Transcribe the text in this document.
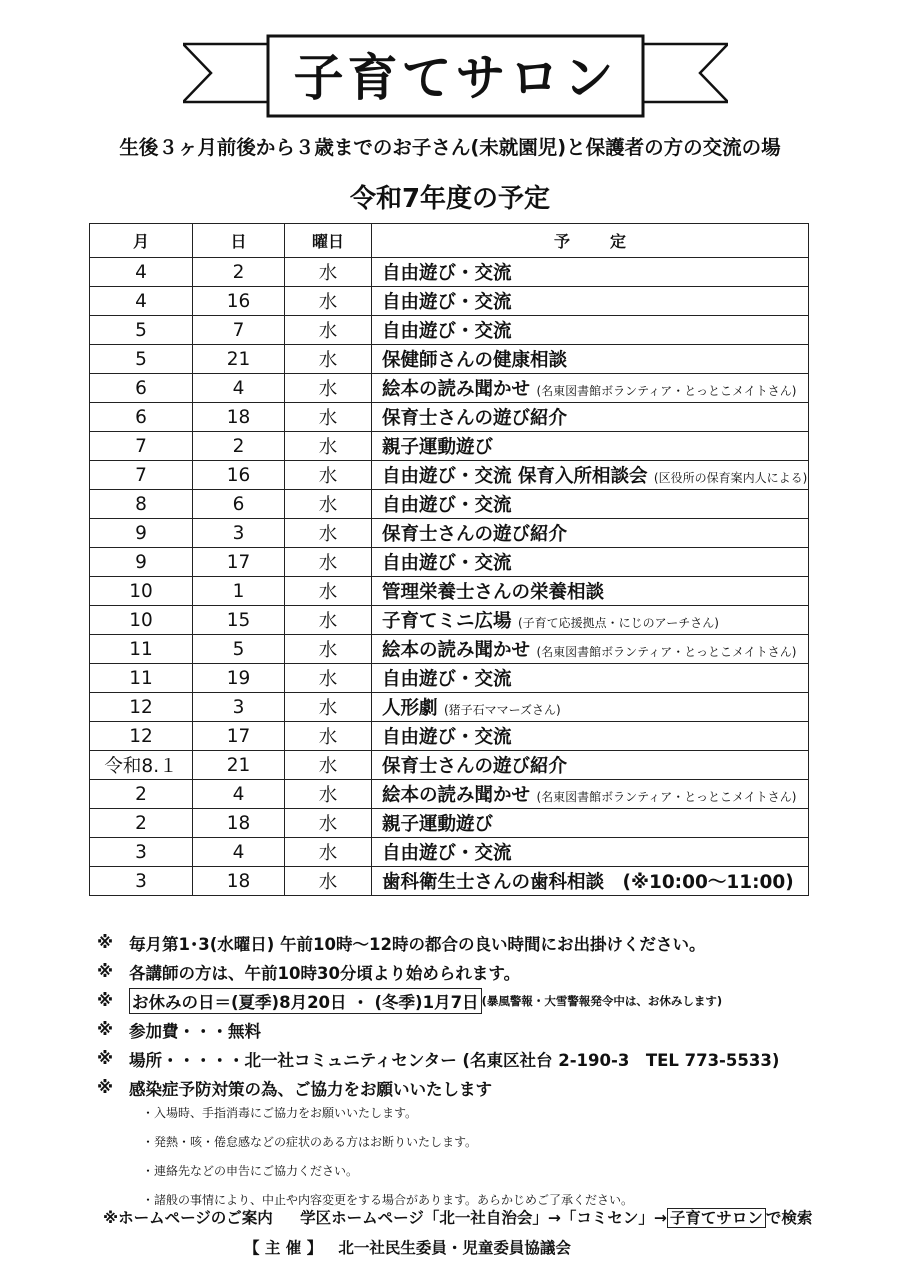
子育てサロン
生後３ヶ月前後から３歳までのお子さん(未就園児)と保護者の方の交流の場
令和7年度の予定
月	日	曜日	予定
4	2	水	自由遊び・交流
4	16	水	自由遊び・交流
5	7	水	自由遊び・交流
5	21	水	保健師さんの健康相談
6	4	水	絵本の読み聞かせ (名東図書館ボランティア・とっとこメイトさん)
6	18	水	保育士さんの遊び紹介
7	2	水	親子運動遊び
7	16	水	自由遊び・交流 保育入所相談会 (区役所の保育案内人による)
8	6	水	自由遊び・交流
9	3	水	保育士さんの遊び紹介
9	17	水	自由遊び・交流
10	1	水	管理栄養士さんの栄養相談
10	15	水	子育てミニ広場 (子育て応援拠点・にじのアーチさん)
11	5	水	絵本の読み聞かせ (名東図書館ボランティア・とっとこメイトさん)
11	19	水	自由遊び・交流
12	3	水	人形劇 (猪子石ママーズさん)
12	17	水	自由遊び・交流
令和8.１	21	水	保育士さんの遊び紹介
2	4	水	絵本の読み聞かせ (名東図書館ボランティア・とっとこメイトさん)
2	18	水	親子運動遊び
3	4	水	自由遊び・交流
3	18	水	歯科衛生士さんの歯科相談　(※10:00～11:00)
※ 毎月第1･3(水曜日) 午前10時～12時の都合の良い時間にお出掛けください。
※ 各講師の方は、午前10時30分頃より始められます。
※	お休みの日＝(夏季)8月20日 ・ (冬季)1月7日 (暴風警報・大雪警報発令中は、お休みします)
※ 参加費・・・無料
※ 場所・・・・・北一社コミュニティセンター (名東区社台 2-190-3　TEL 773-5533)
※ 感染症予防対策の為、ご協力をお願いいたします
・入場時、手指消毒にご協力をお願いいたします。
・発熱・咳・倦怠感などの症状のある方はお断りいたします。
・連絡先などの申告にご協力ください。
・諸般の事情により、中止や内容変更をする場合があります。あらかじめご了承ください。
※ホームページのご案内 学区ホームページ「北一社自治会」→「コミセン」→ 子育てサロン で検索
【 主 催 】 北一社民生委員・児童委員協議会
